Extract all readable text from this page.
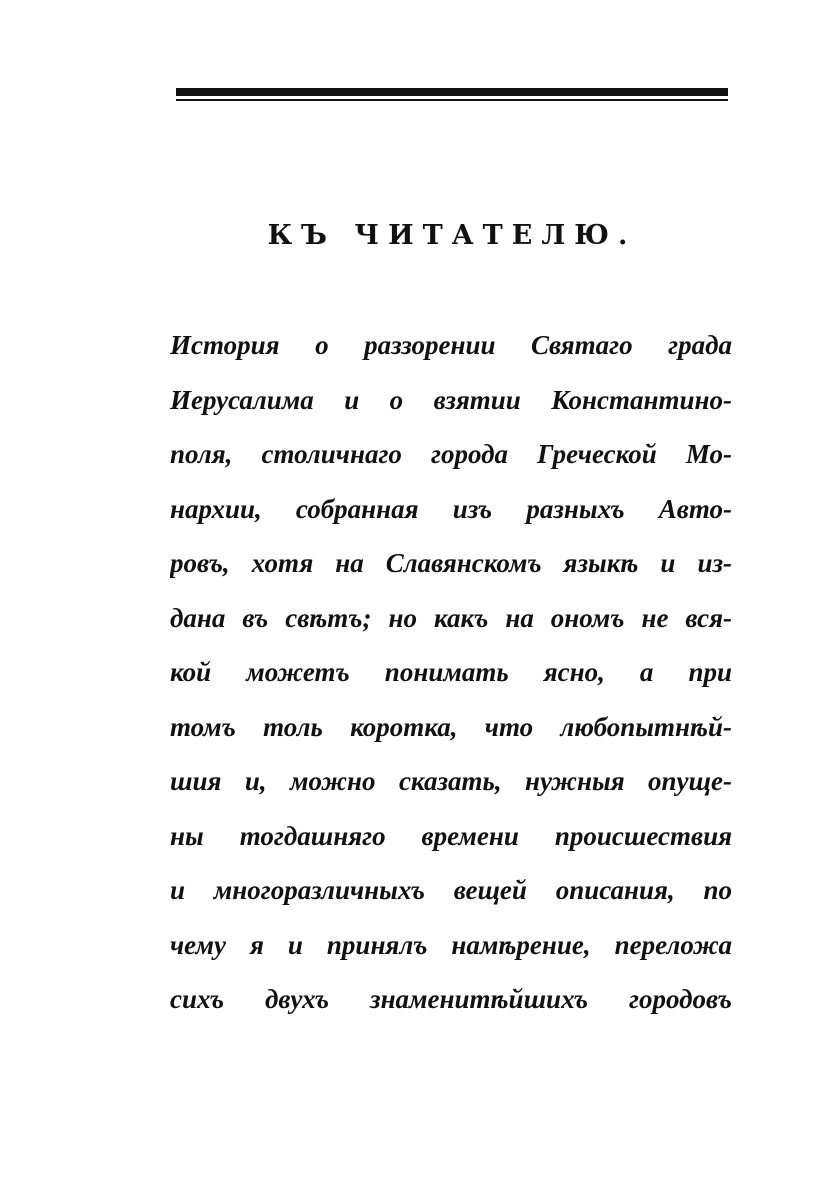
КЪ ЧИТАТЕЛЮ.
История о раззорении Святаго града
Иерусалима и о взятии Константино-
поля, столичнаго города Греческой Мо-
нархии, собранная изъ разныхъ Авто-
ровъ, хотя на Славянскомъ языкѣ и из-
дана въ свѣтъ; но какъ на ономъ не вся-
кой можетъ понимать ясно, а при
томъ толь коротка, что любопытнѣй-
шия и, можно сказать, нужныя опуще-
ны тогдашняго времени происшествия
и многоразличныхъ вещей описания, по
чему я и принялъ намѣрение, переложа
сихъ двухъ знаменитѣйшихъ городовъ
